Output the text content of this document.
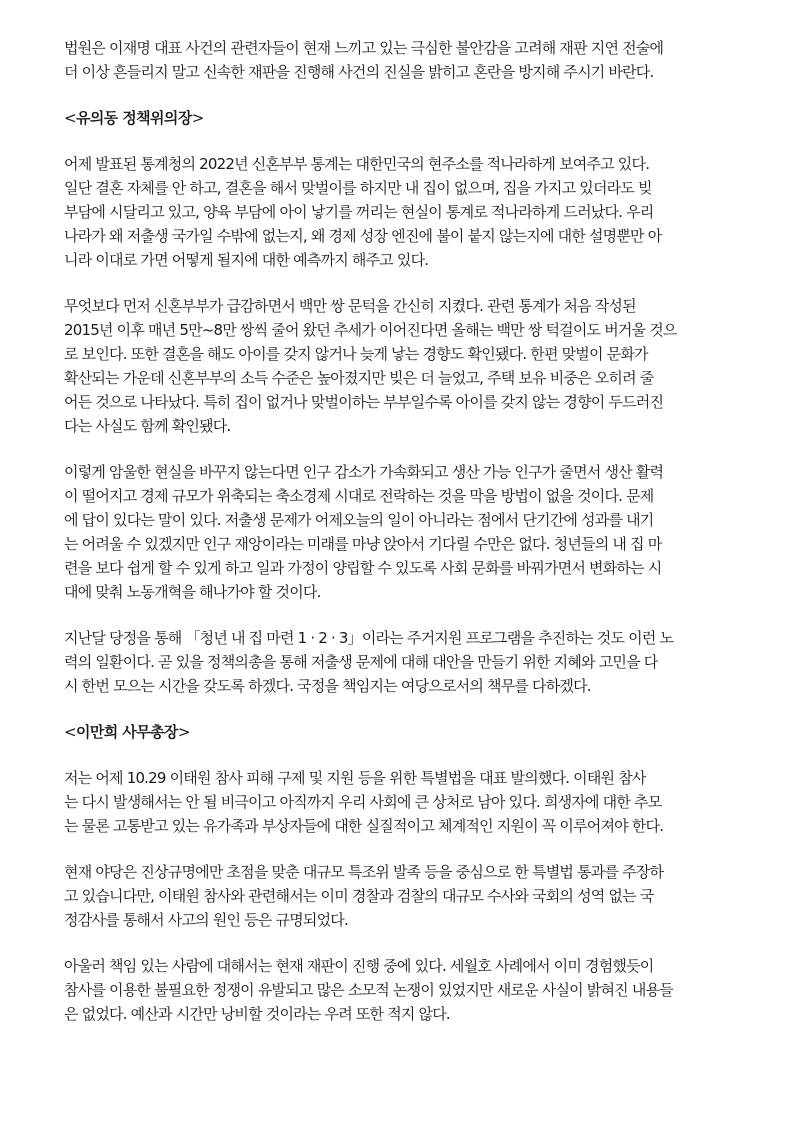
법원은 이재명 대표 사건의 관련자들이 현재 느끼고 있는 극심한 불안감을 고려해 재판 지연 전술에
더 이상 흔들리지 말고 신속한 재판을 진행해 사건의 진실을 밝히고 혼란을 방지해 주시기 바란다.
<유의동 정책위의장>
어제 발표된 통계청의 2022년 신혼부부 통계는 대한민국의 현주소를 적나라하게 보여주고 있다.
일단 결혼 자체를 안 하고, 결혼을 해서 맞벌이를 하지만 내 집이 없으며, 집을 가지고 있더라도 빚
부담에 시달리고 있고, 양육 부담에 아이 낳기를 꺼리는 현실이 통계로 적나라하게 드러났다. 우리
나라가 왜 저출생 국가일 수밖에 없는지, 왜 경제 성장 엔진에 불이 붙지 않는지에 대한 설명뿐만 아
니라 이대로 가면 어떻게 될지에 대한 예측까지 해주고 있다.
무엇보다 먼저 신혼부부가 급감하면서 백만 쌍 문턱을 간신히 지켰다. 관련 통계가 처음 작성된
2015년 이후 매년 5만~8만 쌍씩 줄어 왔던 추세가 이어진다면 올해는 백만 쌍 턱걸이도 버거울 것으
로 보인다. 또한 결혼을 해도 아이를 갖지 않거나 늦게 낳는 경향도 확인됐다. 한편 맞벌이 문화가
확산되는 가운데 신혼부부의 소득 수준은 높아졌지만 빚은 더 늘었고, 주택 보유 비중은 오히려 줄
어든 것으로 나타났다. 특히 집이 없거나 맞벌이하는 부부일수록 아이를 갖지 않는 경향이 두드러진
다는 사실도 함께 확인됐다.
이렇게 암울한 현실을 바꾸지 않는다면 인구 감소가 가속화되고 생산 가능 인구가 줄면서 생산 활력
이 떨어지고 경제 규모가 위축되는 축소경제 시대로 전락하는 것을 막을 방법이 없을 것이다. 문제
에 답이 있다는 말이 있다. 저출생 문제가 어제오늘의 일이 아니라는 점에서 단기간에 성과를 내기
는 어려울 수 있겠지만 인구 재앙이라는 미래를 마냥 앉아서 기다릴 수만은 없다. 청년들의 내 집 마
련을 보다 쉽게 할 수 있게 하고 일과 가정이 양립할 수 있도록 사회 문화를 바꿔가면서 변화하는 시
대에 맞춰 노동개혁을 해나가야 할 것이다.
지난달 당정을 통해 「청년 내 집 마련 1 · 2 · 3」이라는 주거지원 프로그램을 추진하는 것도 이런 노
력의 일환이다. 곧 있을 정책의총을 통해 저출생 문제에 대해 대안을 만들기 위한 지혜와 고민을 다
시 한번 모으는 시간을 갖도록 하겠다. 국정을 책임지는 여당으로서의 책무를 다하겠다.
<이만희 사무총장>
저는 어제 10.29 이태원 참사 피해 구제 및 지원 등을 위한 특별법을 대표 발의했다. 이태원 참사
는 다시 발생해서는 안 될 비극이고 아직까지 우리 사회에 큰 상처로 남아 있다. 희생자에 대한 추모
는 물론 고통받고 있는 유가족과 부상자들에 대한 실질적이고 체계적인 지원이 꼭 이루어져야 한다.
현재 야당은 진상규명에만 초점을 맞춘 대규모 특조위 발족 등을 중심으로 한 특별법 통과를 주장하
고 있습니다만, 이태원 참사와 관련해서는 이미 경찰과 검찰의 대규모 수사와 국회의 성역 없는 국
정감사를 통해서 사고의 원인 등은 규명되었다.
아울러 책임 있는 사람에 대해서는 현재 재판이 진행 중에 있다. 세월호 사례에서 이미 경험했듯이
참사를 이용한 불필요한 정쟁이 유발되고 많은 소모적 논쟁이 있었지만 새로운 사실이 밝혀진 내용들
은 없었다. 예산과 시간만 낭비할 것이라는 우려 또한 적지 않다.
